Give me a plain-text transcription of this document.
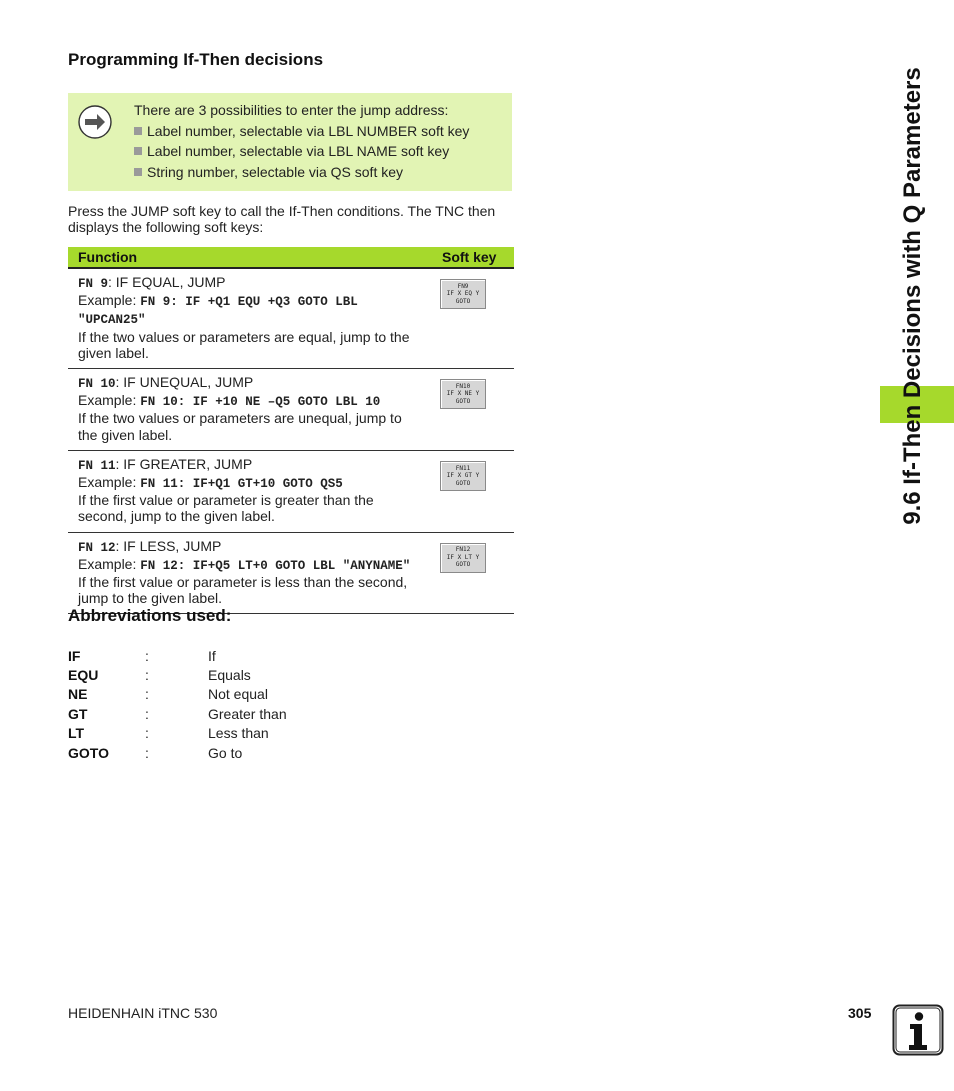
9.6 If-Then Decisions with Q Parameters
Programming If-Then decisions
There are 3 possibilities to enter the jump address:
Label number, selectable via LBL NUMBER soft key
Label number, selectable via LBL NAME soft key
String number, selectable via QS soft key
Press the JUMP soft key to call the If-Then conditions. The TNC then displays the following soft keys:
Function	Soft key
FN 9: IF EQUAL, JUMP
Example: FN 9: IF +Q1 EQU +Q3 GOTO LBL "UPCAN25"
If the two values or parameters are equal, jump to the given label.	FN9
IF X EQ Y
GOTO

FN 10: IF UNEQUAL, JUMP
Example: FN 10: IF +10 NE –Q5 GOTO LBL 10
If the two values or parameters are unequal, jump to the given label.	FN10
IF X NE Y
GOTO

FN 11: IF GREATER, JUMP
Example: FN 11: IF+Q1 GT+10 GOTO QS5
If the first value or parameter is greater than the second, jump to the given label.	FN11
IF X GT Y
GOTO

FN 12: IF LESS, JUMP
Example: FN 12: IF+Q5 LT+0 GOTO LBL "ANYNAME"
If the first value or parameter is less than the second, jump to the given label.	FN12
IF X LT Y
GOTO
Abbreviations used:
IF	:	If
EQU	:	Equals
NE	:	Not equal
GT	:	Greater than
LT	:	Less than
GOTO	:	Go to
HEIDENHAIN iTNC 530	305
